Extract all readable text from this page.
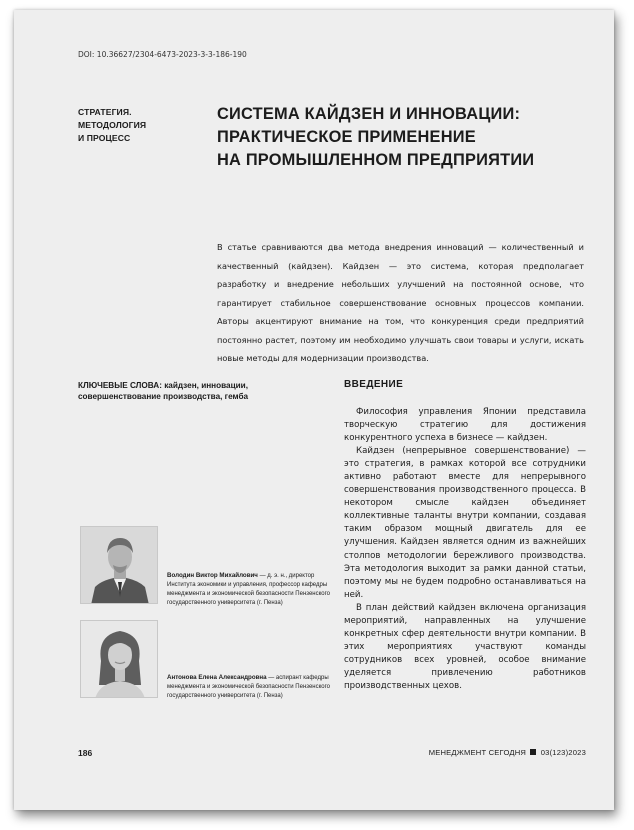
DOI: 10.36627/2304-6473-2023-3-3-186-190
СТРАТЕГИЯ.
МЕТОДОЛОГИЯ
И ПРОЦЕСС
СИСТЕМА КАЙДЗЕН И ИННОВАЦИИ:
ПРАКТИЧЕСКОЕ ПРИМЕНЕНИЕ
НА ПРОМЫШЛЕННОМ ПРЕДПРИЯТИИ
В статье сравниваются два метода внедрения инноваций — количественный и качественный (кайдзен). Кайдзен — это система, которая предполагает разработку и внедрение небольших улучшений на постоянной основе, что гарантирует стабильное совершенствование основных процессов компании. Авторы акцентируют внимание на том, что конкуренция среди предприятий постоянно растет, поэтому им необходимо улучшать свои товары и услуги, искать новые методы для модернизации производства.
КЛЮЧЕВЫЕ СЛОВА: кайдзен, инновации, совершенствование производства, гемба
ВВЕДЕНИЕ

Философия управления Японии представила творческую стратегию для достижения конкурентного успеха в бизнесе — кайдзен.

Кайдзен (непрерывное совершенствование) — это стратегия, в рамках которой все сотрудники активно работают вместе для непрерывного совершенствования производственного процесса. В некотором смысле кайдзен объединяет коллективные таланты внутри компании, создавая таким образом мощный двигатель для ее улучшения. Кайдзен является одним из важнейших столпов методологии бережливого производства. Эта методология выходит за рамки данной статьи, поэтому мы не будем подробно останавливаться на ней.

В план действий кайдзен включена организация мероприятий, направленных на улучшение конкретных сфер деятельности внутри компании. В этих мероприятиях участвуют команды сотрудников всех уровней, особое внимание уделяется привлечению работников производственных цехов.

Володин Виктор Михайлович — д. э. н., директор Института экономики и управления, профессор кафедры менеджмента и экономической безопасности Пензенского государственного университета (г. Пенза)
Антонова Елена Александровна — аспирант кафедры менеджмента и экономической безопасности Пензенского государственного университета (г. Пенза)
186	МЕНЕДЖМЕНТ СЕГОДНЯ 03(123)2023
